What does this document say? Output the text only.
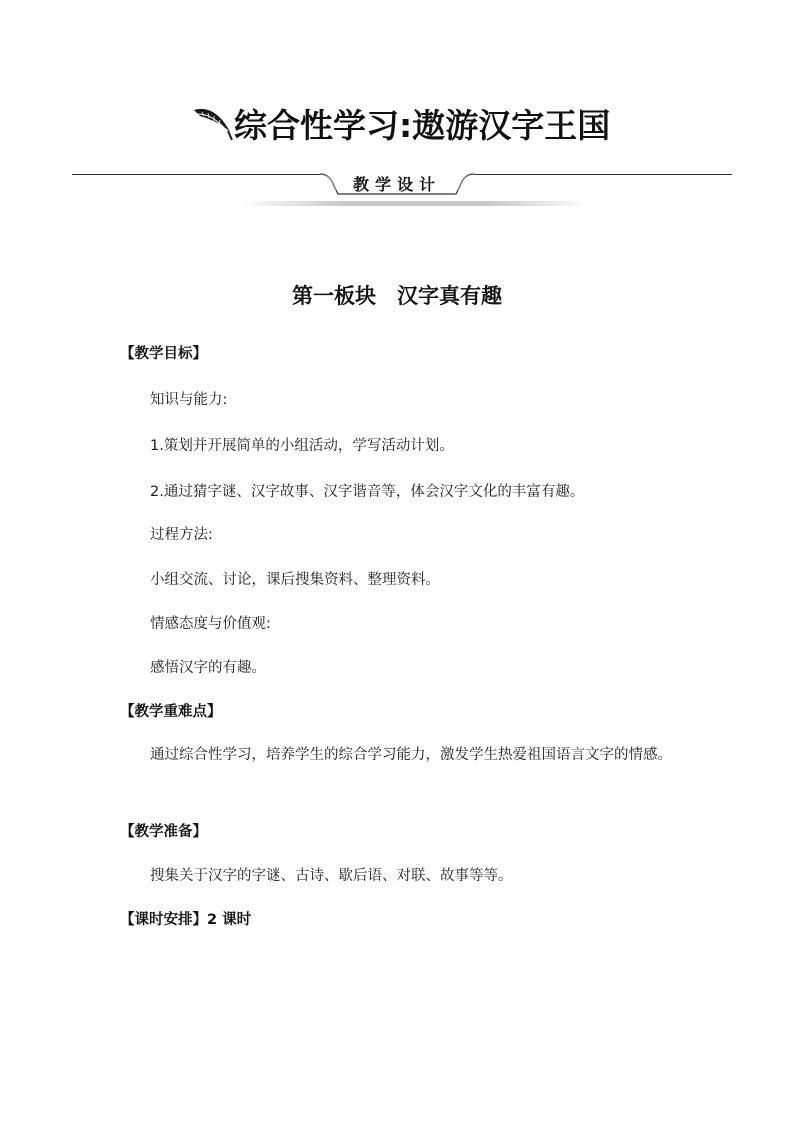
综合性学习:遨游汉字王国
教学设计
第一板块　汉字真有趣
【教学目标】
知识与能力:
1.策划并开展简单的小组活动，学写活动计划。
2.通过猜字谜、汉字故事、汉字谐音等，体会汉字文化的丰富有趣。
过程方法:
小组交流、讨论，课后搜集资料、整理资料。
情感态度与价值观:
感悟汉字的有趣。
【教学重难点】
通过综合性学习，培养学生的综合学习能力，激发学生热爱祖国语言文字的情感。
【教学准备】
搜集关于汉字的字谜、古诗、歇后语、对联、故事等等。
【课时安排】2 课时
